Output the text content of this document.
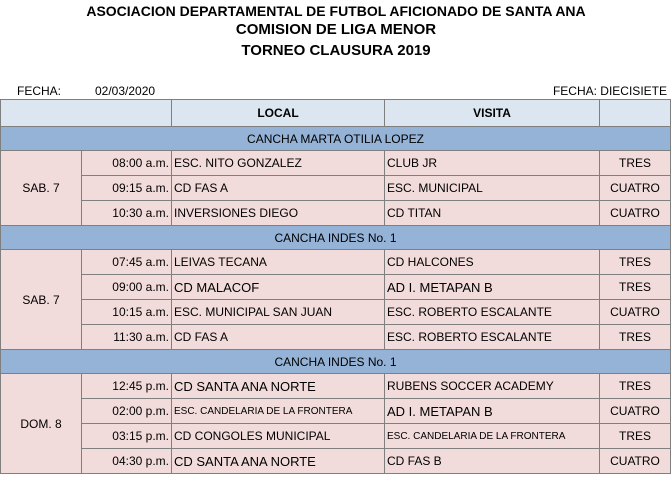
ASOCIACION DEPARTAMENTAL DE FUTBOL AFICIONADO DE SANTA ANA
COMISION DE LIGA MENOR
TORNEO CLAUSURA 2019
FECHA:	02/03/2020	FECHA: DIECISIETE
		LOCAL	VISITA	
CANCHA MARTA OTILIA LOPEZ				
SAB. 7	08:00 a.m.	ESC. NITO GONZALEZ	CLUB JR	TRES
	09:15 a.m.	CD FAS A	ESC. MUNICIPAL	CUATRO
	10:30 a.m.	INVERSIONES DIEGO	CD TITAN	CUATRO
CANCHA INDES No. 1				
SAB. 7	07:45 a.m.	LEIVAS TECANA	CD HALCONES	TRES
	09:00 a.m.	CD MALACOF	AD I. METAPAN B	TRES
	10:15 a.m.	ESC. MUNICIPAL SAN JUAN	ESC. ROBERTO ESCALANTE	CUATRO
	11:30 a.m.	CD FAS A	ESC. ROBERTO ESCALANTE	TRES
CANCHA INDES No. 1				
DOM. 8	12:45 p.m.	CD SANTA ANA NORTE	RUBENS SOCCER ACADEMY	TRES
	02:00 p.m.	ESC. CANDELARIA DE LA FRONTERA	AD I. METAPAN B	CUATRO
	03:15 p.m.	CD CONGOLES MUNICIPAL	ESC. CANDELARIA DE LA FRONTERA	TRES
	04:30 p.m.	CD SANTA ANA NORTE	CD FAS B	CUATRO
